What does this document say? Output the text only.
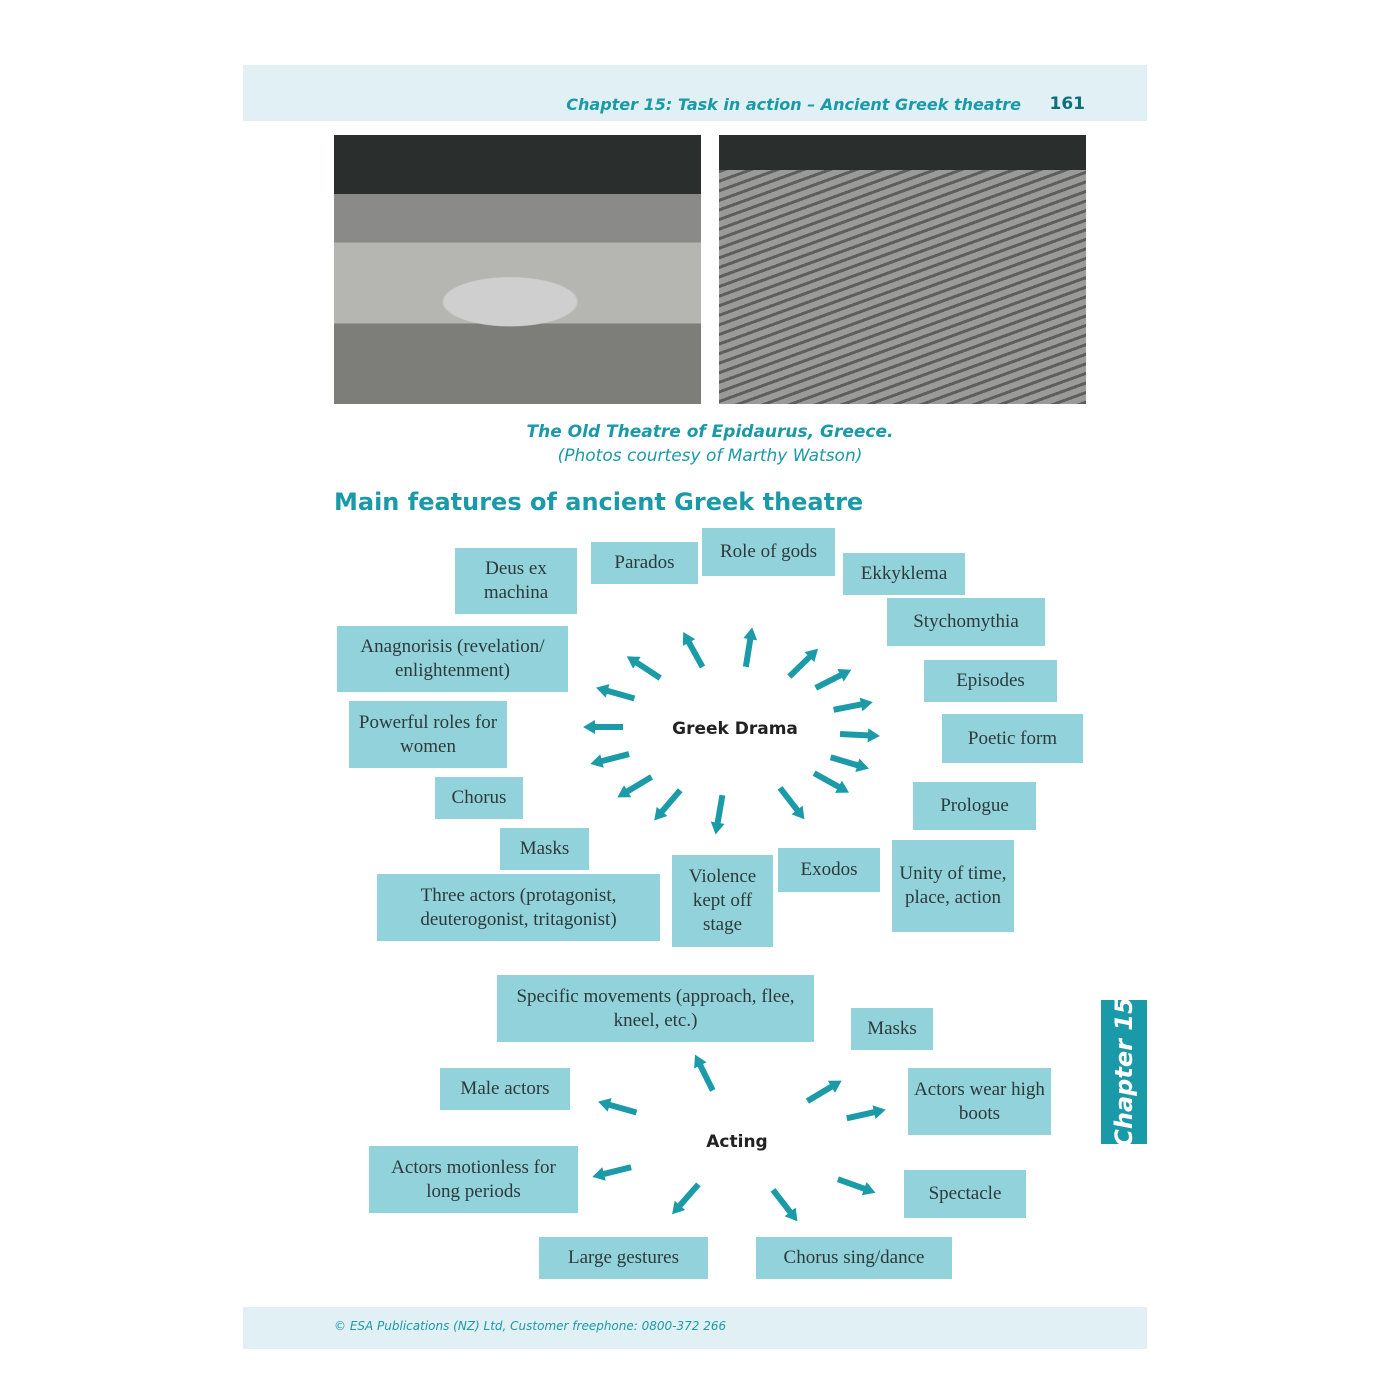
Chapter 15: Task in action – Ancient Greek theatre 161
The Old Theatre of Epidaurus, Greece.
(Photos courtesy of Marthy Watson)
Main features of ancient Greek theatre
Greek Drama
Deus ex machina
Parados
Role of gods
Ekkyklema
Stychomythia
Anagnorisis (revelation/ enlightenment)	Episodes
Powerful roles for women	Poetic form
Chorus	Prologue
Masks
Three actors (protagonist, deuterogonist, tritagonist)
Violence kept off stage
Exodos	Unity of time, place, action
Acting
Specific movements (approach, flee, kneel, etc.)	Masks
Male actors	Actors wear high boots
Actors motionless for long periods	Spectacle
Large gestures	Chorus sing/dance
Chapter 15
© ESA Publications (NZ) Ltd, Customer freephone: 0800-372 266
